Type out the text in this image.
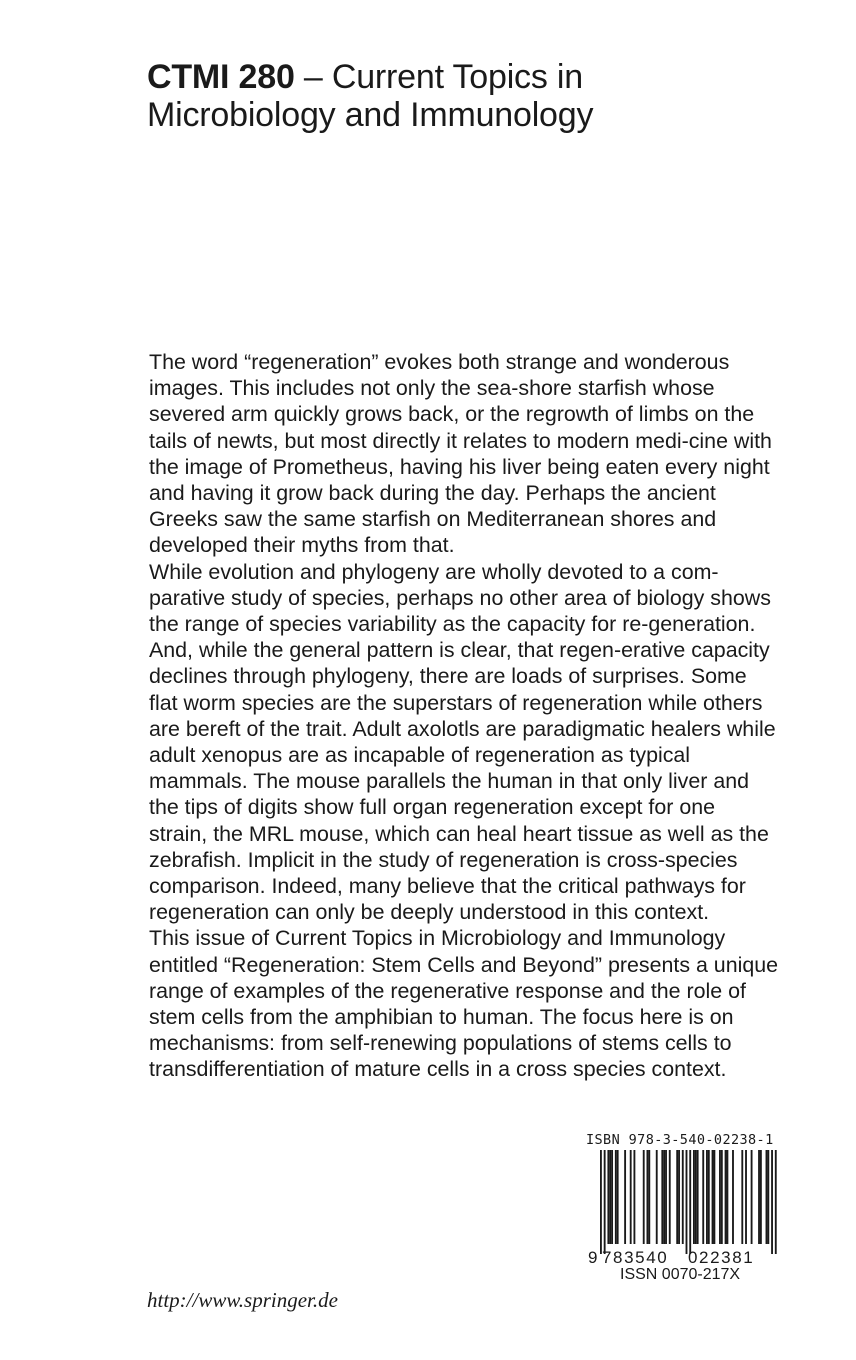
CTMI 280 – Current Topics in
Microbiology and Immunology

The word “regeneration” evokes both strange and wonderous images. This includes not only the sea-shore starfish whose severed arm quickly grows back, or the regrowth of limbs on the tails of newts, but most directly it relates to modern medi-cine with the image of Prometheus, having his liver being eaten every night and having it grow back during the day. Perhaps the ancient Greeks saw the same starfish on Mediterranean shores and developed their myths from that.

While evolution and phylogeny are wholly devoted to a com-parative study of species, perhaps no other area of biology shows the range of species variability as the capacity for re-generation. And, while the general pattern is clear, that regen-erative capacity declines through phylogeny, there are loads of surprises. Some flat worm species are the superstars of regeneration while others are bereft of the trait. Adult axolotls are paradigmatic healers while adult xenopus are as incapable of regeneration as typical mammals. The mouse parallels the human in that only liver and the tips of digits show full organ regeneration except for one strain, the MRL mouse, which can heal heart tissue as well as the zebrafish. Implicit in the study of regeneration is cross-species comparison. Indeed, many believe that the critical pathways for regeneration can only be deeply understood in this context.

This issue of Current Topics in Microbiology and Immunology entitled “Regeneration: Stem Cells and Beyond” presents a unique range of examples of the regenerative response and the role of stem cells from the amphibian to human. The focus here is on mechanisms: from self-renewing populations of stems cells to transdifferentiation of mature cells in a cross species context.

ISBN 978-3-540-02238-1
9 783540 022381
ISSN 0070-217X
http://www.springer.de
